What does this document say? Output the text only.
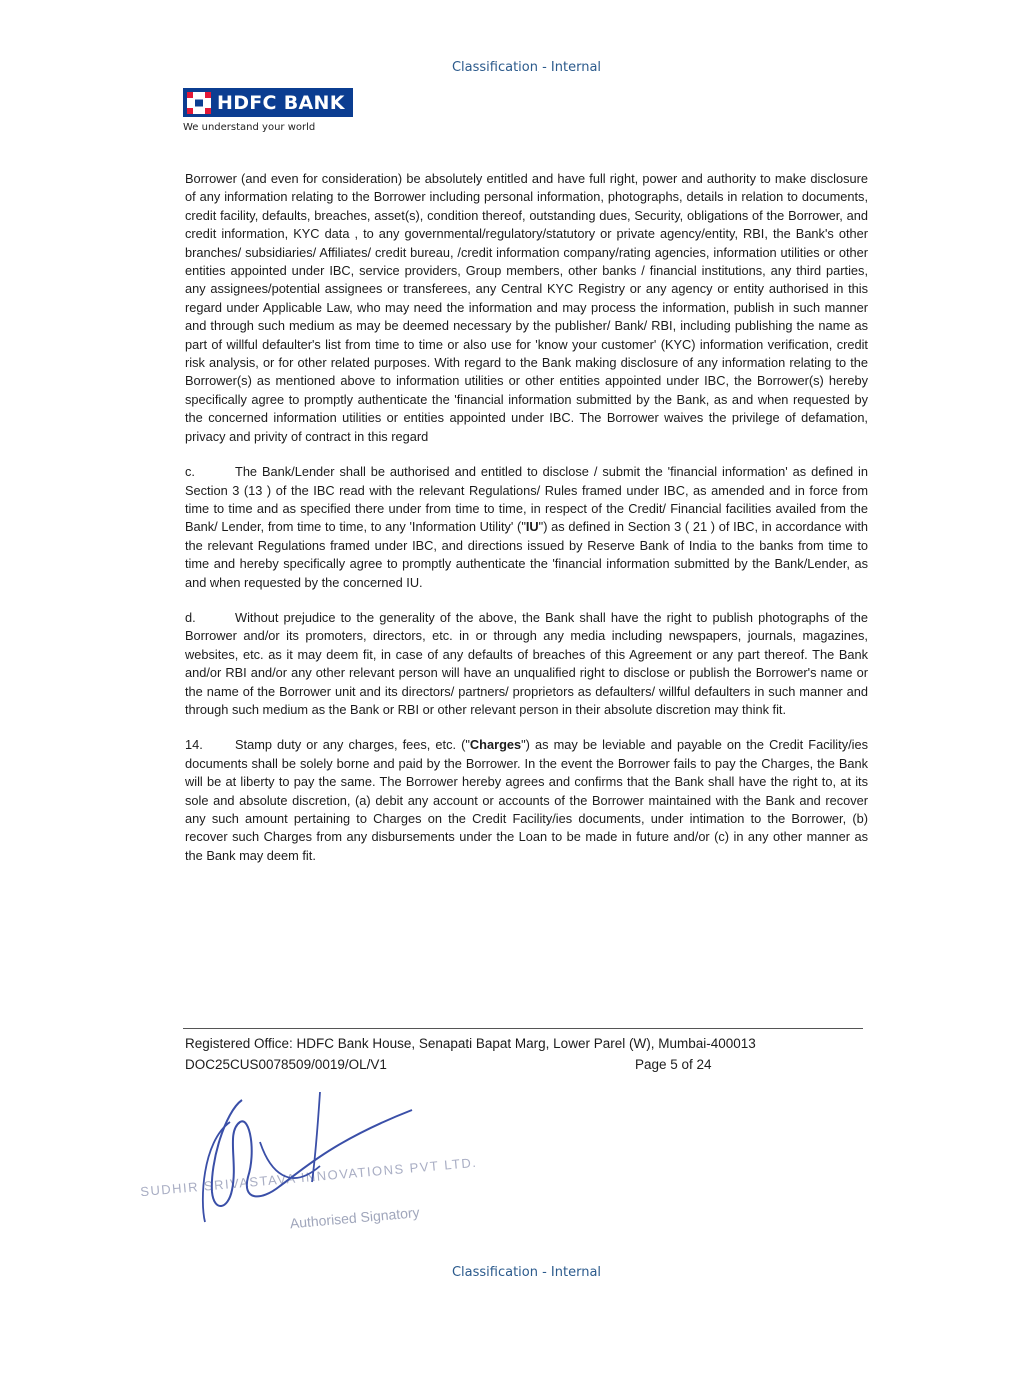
Classification - Internal
HDFC BANK
We understand your world

Borrower (and even for consideration) be absolutely entitled and have full right, power and authority to make disclosure of any information relating to the Borrower including personal information, photographs, details in relation to documents, credit facility, defaults, breaches, asset(s), condition thereof, outstanding dues, Security, obligations of the Borrower, and credit information, KYC data , to any governmental/regulatory/statutory or private agency/entity, RBI, the Bank's other branches/ subsidiaries/ Affiliates/ credit bureau, /credit information company/rating agencies, information utilities or other entities appointed under IBC, service providers, Group members, other banks / financial institutions, any third parties, any assignees/potential assignees or transferees, any Central KYC Registry or any agency or entity authorised in this regard under Applicable Law, who may need the information and may process the information, publish in such manner and through such medium as may be deemed necessary by the publisher/ Bank/ RBI, including publishing the name as part of willful defaulter's list from time to time or also use for 'know your customer' (KYC) information verification, credit risk analysis, or for other related purposes. With regard to the Bank making disclosure of any information relating to the Borrower(s) as mentioned above to information utilities or other entities appointed under IBC, the Borrower(s) hereby specifically agree to promptly authenticate the 'financial information submitted by the Bank, as and when requested by the concerned information utilities or entities appointed under IBC. The Borrower waives the privilege of defamation, privacy and privity of contract in this regard

c.	The Bank/Lender shall be authorised and entitled to disclose / submit the 'financial information' as defined in Section 3 (13 ) of the IBC read with the relevant Regulations/ Rules framed under IBC, as amended and in force from time to time and as specified there under from time to time, in respect of the Credit/ Financial facilities availed from the Bank/ Lender, from time to time, to any 'Information Utility' ("IU") as defined in Section 3 ( 21 ) of IBC, in accordance with the relevant Regulations framed under IBC, and directions issued by Reserve Bank of India to the banks from time to time and hereby specifically agree to promptly authenticate the 'financial information submitted by the Bank/Lender, as and when requested by the concerned IU.

d.	Without prejudice to the generality of the above, the Bank shall have the right to publish photographs of the Borrower and/or its promoters, directors, etc. in or through any media including newspapers, journals, magazines, websites, etc. as it may deem fit, in case of any defaults of breaches of this Agreement or any part thereof. The Bank and/or RBI and/or any other relevant person will have an unqualified right to disclose or publish the Borrower's name or the name of the Borrower unit and its directors/ partners/ proprietors as defaulters/ willful defaulters in such manner and through such medium as the Bank or RBI or other relevant person in their absolute discretion may think fit.

14.	Stamp duty or any charges, fees, etc. ("Charges") as may be leviable and payable on the Credit Facility/ies documents shall be solely borne and paid by the Borrower. In the event the Borrower fails to pay the Charges, the Bank will be at liberty to pay the same. The Borrower hereby agrees and confirms that the Bank shall have the right to, at its sole and absolute discretion, (a) debit any account or accounts of the Borrower maintained with the Bank and recover any such amount pertaining to Charges on the Credit Facility/ies documents, under intimation to the Borrower, (b) recover such Charges from any disbursements under the Loan to be made in future and/or (c) in any other manner as the Bank may deem fit.

Registered Office: HDFC Bank House, Senapati Bapat Marg, Lower Parel (W), Mumbai-400013
DOC25CUS0078509/0019/OL/V1	Page 5 of 24
SUDHIR SRIVASTAVA INNOVATIONS PVT LTD.
Authorised Signatory
Classification - Internal
